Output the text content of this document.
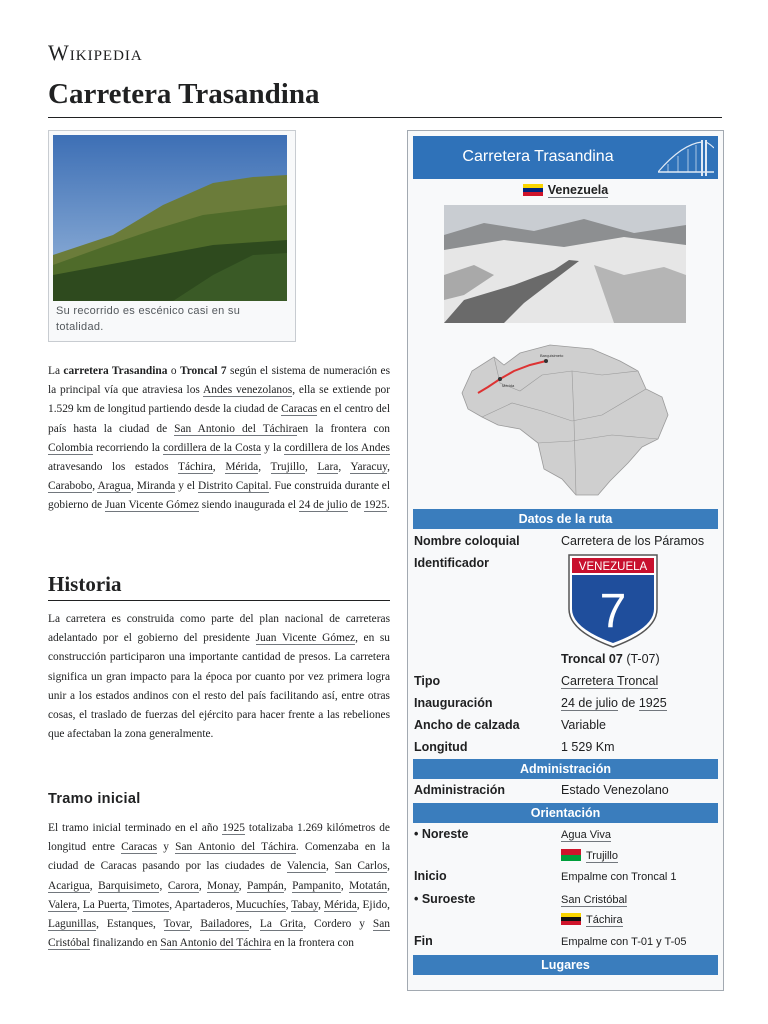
Wikipedia
Carretera Trasandina
Su recorrido es escénico casi en su totalidad.
La carretera Trasandina o Troncal 7 según el sistema de numeración es la principal vía que atraviesa los Andes venezolanos, ella se extiende por 1.529 km de longitud partiendo desde la ciudad de Caracas en el centro del país hasta la ciudad de San Antonio del Táchiraen la frontera con Colombia recorriendo la cordillera de la Costa y la cordillera de los Andes atravesando los estados Táchira, Mérida, Trujillo, Lara, Yaracuy, Carabobo, Aragua, Miranda y el Distrito Capital. Fue construida durante el gobierno de Juan Vicente Gómez siendo inaugurada el 24 de julio de 1925.
Historia
La carretera es construida como parte del plan nacional de carreteras adelantado por el gobierno del presidente Juan Vicente Gómez, en su construcción participaron una importante cantidad de presos. La carretera significa un gran impacto para la época por cuanto por vez primera logra unir a los estados andinos con el resto del país facilitando así, entre otras cosas, el traslado de fuerzas del ejército para hacer frente a las rebeliones que afectaban la zona generalmente.
Tramo inicial
El tramo inicial terminado en el año 1925 totalizaba 1.269 kilómetros de longitud entre Caracas y San Antonio del Táchira. Comenzaba en la ciudad de Caracas pasando por las ciudades de Valencia, San Carlos, Acarigua, Barquisimeto, Carora, Monay, Pampán, Pampanito, Motatán, Valera, La Puerta, Timotes, Apartaderos, Mucuchíes, Tabay, Mérida, Ejido, Lagunillas, Estanques, Tovar, Bailadores, La Grita, Cordero y San Cristóbal finalizando en San Antonio del Táchira en la frontera con
Carretera Trasandina
Venezuela
Barquisimeto
Mérida
Datos de la ruta
Nombre coloquial	Carretera de los Páramos
Identificador	VENEZUELA
7
Troncal 07 (T-07)
Tipo	Carretera Troncal
Inauguración	24 de julio de 1925
Ancho de calzada	Variable
Longitud	1 529 Km
Administración
Administración	Estado Venezolano
Orientación
• Noreste	Agua Viva
Trujillo
Inicio	Empalme con Troncal 1
• Suroeste	San Cristóbal
Táchira
Fin	Empalme con T-01 y T-05
Lugares
